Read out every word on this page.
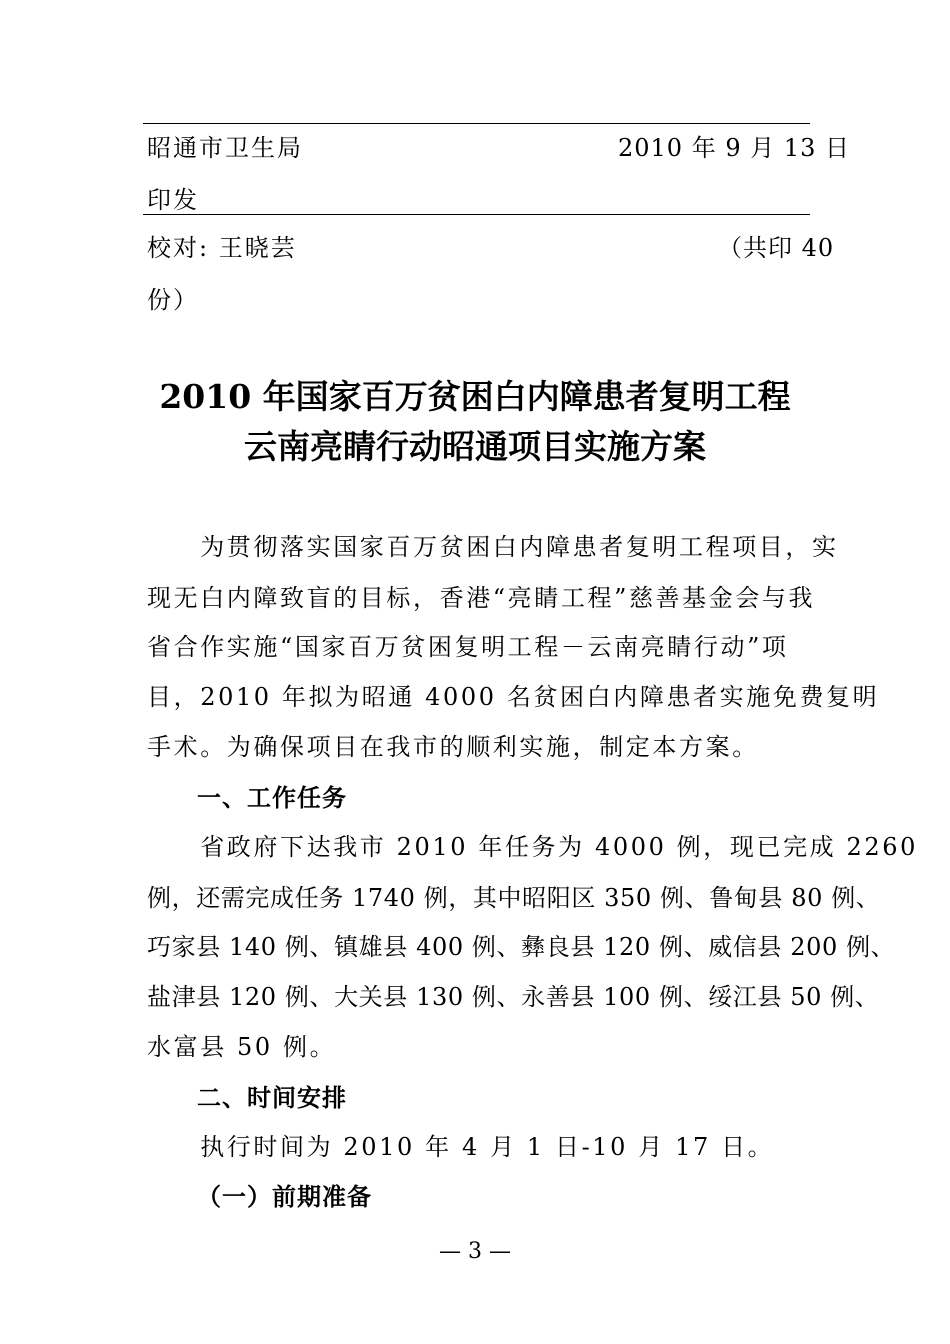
昭通市卫生局	2010 年 9 月 13 日
印发
校对: 王晓芸	（共印 40
份）
2010 年国家百万贫困白内障患者复明工程
云南亮睛行动昭通项目实施方案
　　为贯彻落实国家百万贫困白内障患者复明工程项目，实
现无白内障致盲的目标，香港“亮睛工程”慈善基金会与我
省合作实施“国家百万贫困复明工程－云南亮睛行动”项
目，2010 年拟为昭通 4000 名贫困白内障患者实施免费复明
手术。为确保项目在我市的顺利实施，制定本方案。
一、工作任务
　　省政府下达我市 2010 年任务为 4000 例，现已完成 2260
例，还需完成任务 1740 例，其中昭阳区 350 例、鲁甸县 80 例、
巧家县 140 例、镇雄县 400 例、彝良县 120 例、威信县 200 例、
盐津县 120 例、大关县 130 例、永善县 100 例、绥江县 50 例、
水富县 50 例。
二、时间安排
　　执行时间为 2010 年 4 月 1 日-10 月 17 日。
（一）前期准备
— 3 —
